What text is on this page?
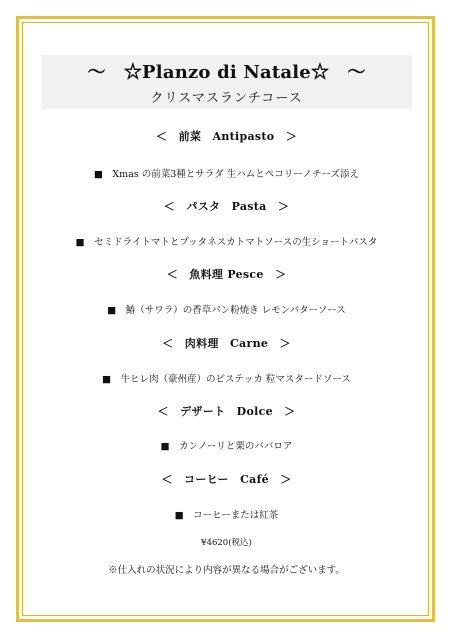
～　☆Planzo di Natale☆　～
クリスマスランチコース
＜　前菜　Antipasto　＞
■　Xmas の前菜3種とサラダ 生ハムとペコリーノチーズ添え
＜　パスタ　Pasta　＞
■　セミドライトマトとプッタネスカトマトソースの生ショートパスタ
＜　魚料理 Pesce　＞
■　鰆（サワラ）の香草パン粉焼き レモンバターソース
＜　肉料理　Carne　＞
■　牛ヒレ肉（豪州産）のビステッカ 粒マスタードソース
＜　デザート　Dolce　＞
■　カンノーリと栗のババロア
＜　コーヒー　Café　＞
■　コーヒーまたは紅茶
¥4620(税込)
※仕入れの状況により内容が異なる場合がございます。
